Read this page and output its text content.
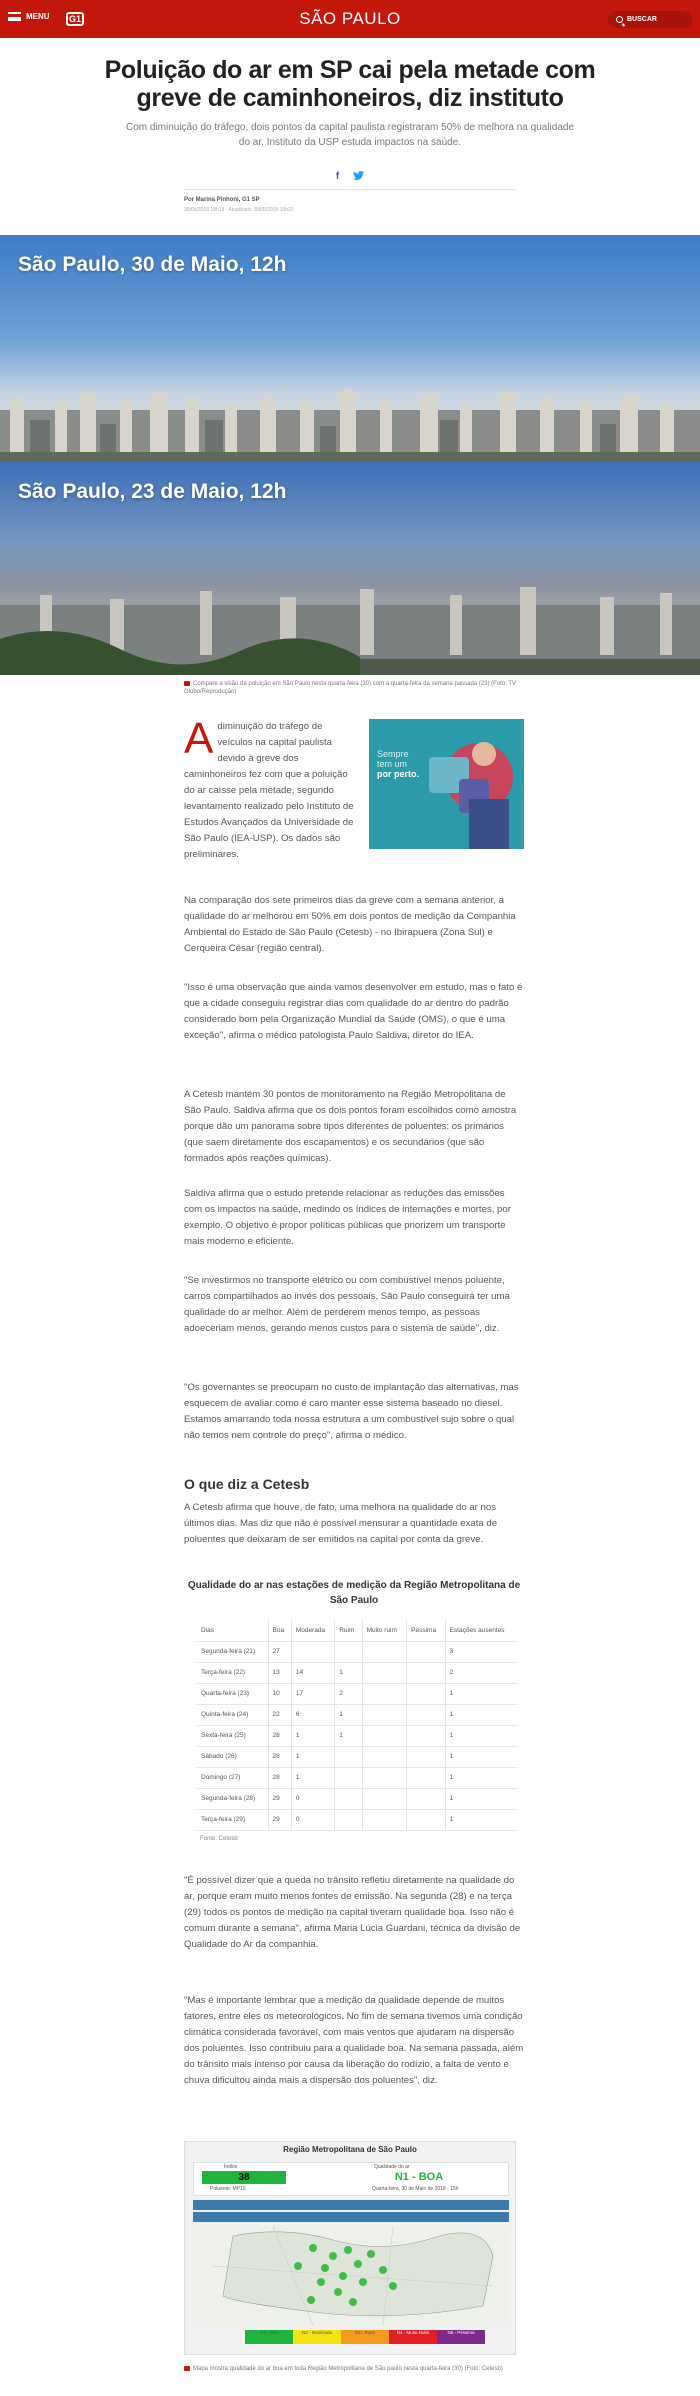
MENU	G1	SÃO PAULO	BUSCAR
Poluição do ar em SP cai pela metade com greve de caminhoneiros, diz instituto

Com diminuição do tráfego, dois pontos da capital paulista registraram 50% de melhora na qualidade do ar. Instituto da USP estuda impactos na saúde.

f
Por Marina Pinhoni, G1 SP
30/05/2018 18h18 · Atualizado 30/05/2018 19h22
São Paulo, 30 de Maio, 12h
São Paulo, 23 de Maio, 12h
Compare a visão da poluição em São Paulo nesta quarta-feira (30) com a quarta-feira da semana passada (23) (Foto: TV Globo/Reprodução)
Adiminuição do tráfego de veículos na capital paulista devido à greve dos caminhoneiros fez com que a poluição do ar caísse pela metade, segundo levantamento realizado pelo Instituto de Estudos Avançados da Universidade de São Paulo (IEA-USP). Os dados são preliminares.
Sempre
tem um
por perto.

Na comparação dos sete primeiros dias da greve com a semana anterior, a qualidade do ar melhorou em 50% em dois pontos de medição da Companhia Ambiental do Estado de São Paulo (Cetesb) - no Ibirapuera (Zona Sul) e Cerqueira César (região central).

"Isso é uma observação que ainda vamos desenvolver em estudo, mas o fato é que a cidade conseguiu registrar dias com qualidade do ar dentro do padrão considerado bom pela Organização Mundial da Saúde (OMS), o que é uma exceção", afirma o médico patologista Paulo Saldiva, diretor do IEA.

A Cetesb mantém 30 pontos de monitoramento na Região Metropolitana de São Paulo. Saldiva afirma que os dois pontos foram escolhidos como amostra porque dão um panorama sobre tipos diferentes de poluentes: os primários (que saem diretamente dos escapamentos) e os secundários (que são formados após reações químicas).

Saldiva afirma que o estudo pretende relacionar as reduções das emissões com os impactos na saúde, medindo os índices de internações e mortes, por exemplo. O objetivo é propor políticas públicas que priorizem um transporte mais moderno e eficiente.

"Se investirmos no transporte elétrico ou com combustível menos poluente, carros compartilhados ao invés dos pessoais, São Paulo conseguirá ter uma qualidade do ar melhor. Além de perderem menos tempo, as pessoas adoeceriam menos, gerando menos custos para o sistema de saúde", diz.

"Os governantes se preocupam no custo de implantação das alternativas, mas esquecem de avaliar como é caro manter esse sistema baseado no diesel. Estamos amarrando toda nossa estrutura a um combustível sujo sobre o qual não temos nem controle do preço", afirma o médico.

O que diz a Cetesb

A Cetesb afirma que houve, de fato, uma melhora na qualidade do ar nos últimos dias. Mas diz que não é possível mensurar a quantidade exata de poluentes que deixaram de ser emitidos na capital por conta da greve.

Qualidade do ar nas estações de medição da Região Metropolitana de São Paulo
Dias	Boa	Moderada	Ruim	Muito ruim	Péssima	Estações ausentes
Segunda-feira (21)	27					3
Terça-feira (22)	13	14	1			2
Quarta-feira (23)	10	17	2			1
Quinta-feira (24)	22	6	1			1
Sexta-feira (25)	28	1	1			1
Sábado (26)	28	1				1
Domingo (27)	28	1				1
Segunda-feira (28)	29	0				1
Terça-feira (29)	29	0				1
Fonte: Cetesb

"É possível dizer que a queda no trânsito refletiu diretamente na qualidade do ar, porque eram muito menos fontes de emissão. Na segunda (28) e na terça (29) todos os pontos de medição na capital tiveram qualidade boa. Isso não é comum durante a semana", afirma Maria Lúcia Guardani, técnica da divisão de Qualidade do Ar da companhia.

"Mas é importante lembrar que a medição da qualidade depende de muitos fatores, entre eles os meteorológicos. No fim de semana tivemos uma condição climática considerada favorável, com mais ventos que ajudaram na dispersão dos poluentes. Isso contribuiu para a qualidade boa. Na semana passada, além do trânsito mais intenso por causa da liberação do rodízio, a falta de vento e chuva dificultou ainda mais a dispersão dos poluentes", diz.

Região Metropolitana de São Paulo
Índice
38
Poluente: MP10
Qualidade do ar
N1 - BOA
Quarta-feira, 30 de Maio de 2018 - 15h
N1 - Boa	N2 - Moderada	N3 - Ruim	N4 - Muito Ruim	N5 - Péssima
Mapa mostra qualidade do ar boa em toda Região Metropolitana de São paulo nesta quarta-feira (30) (Foto: Cetesb)
